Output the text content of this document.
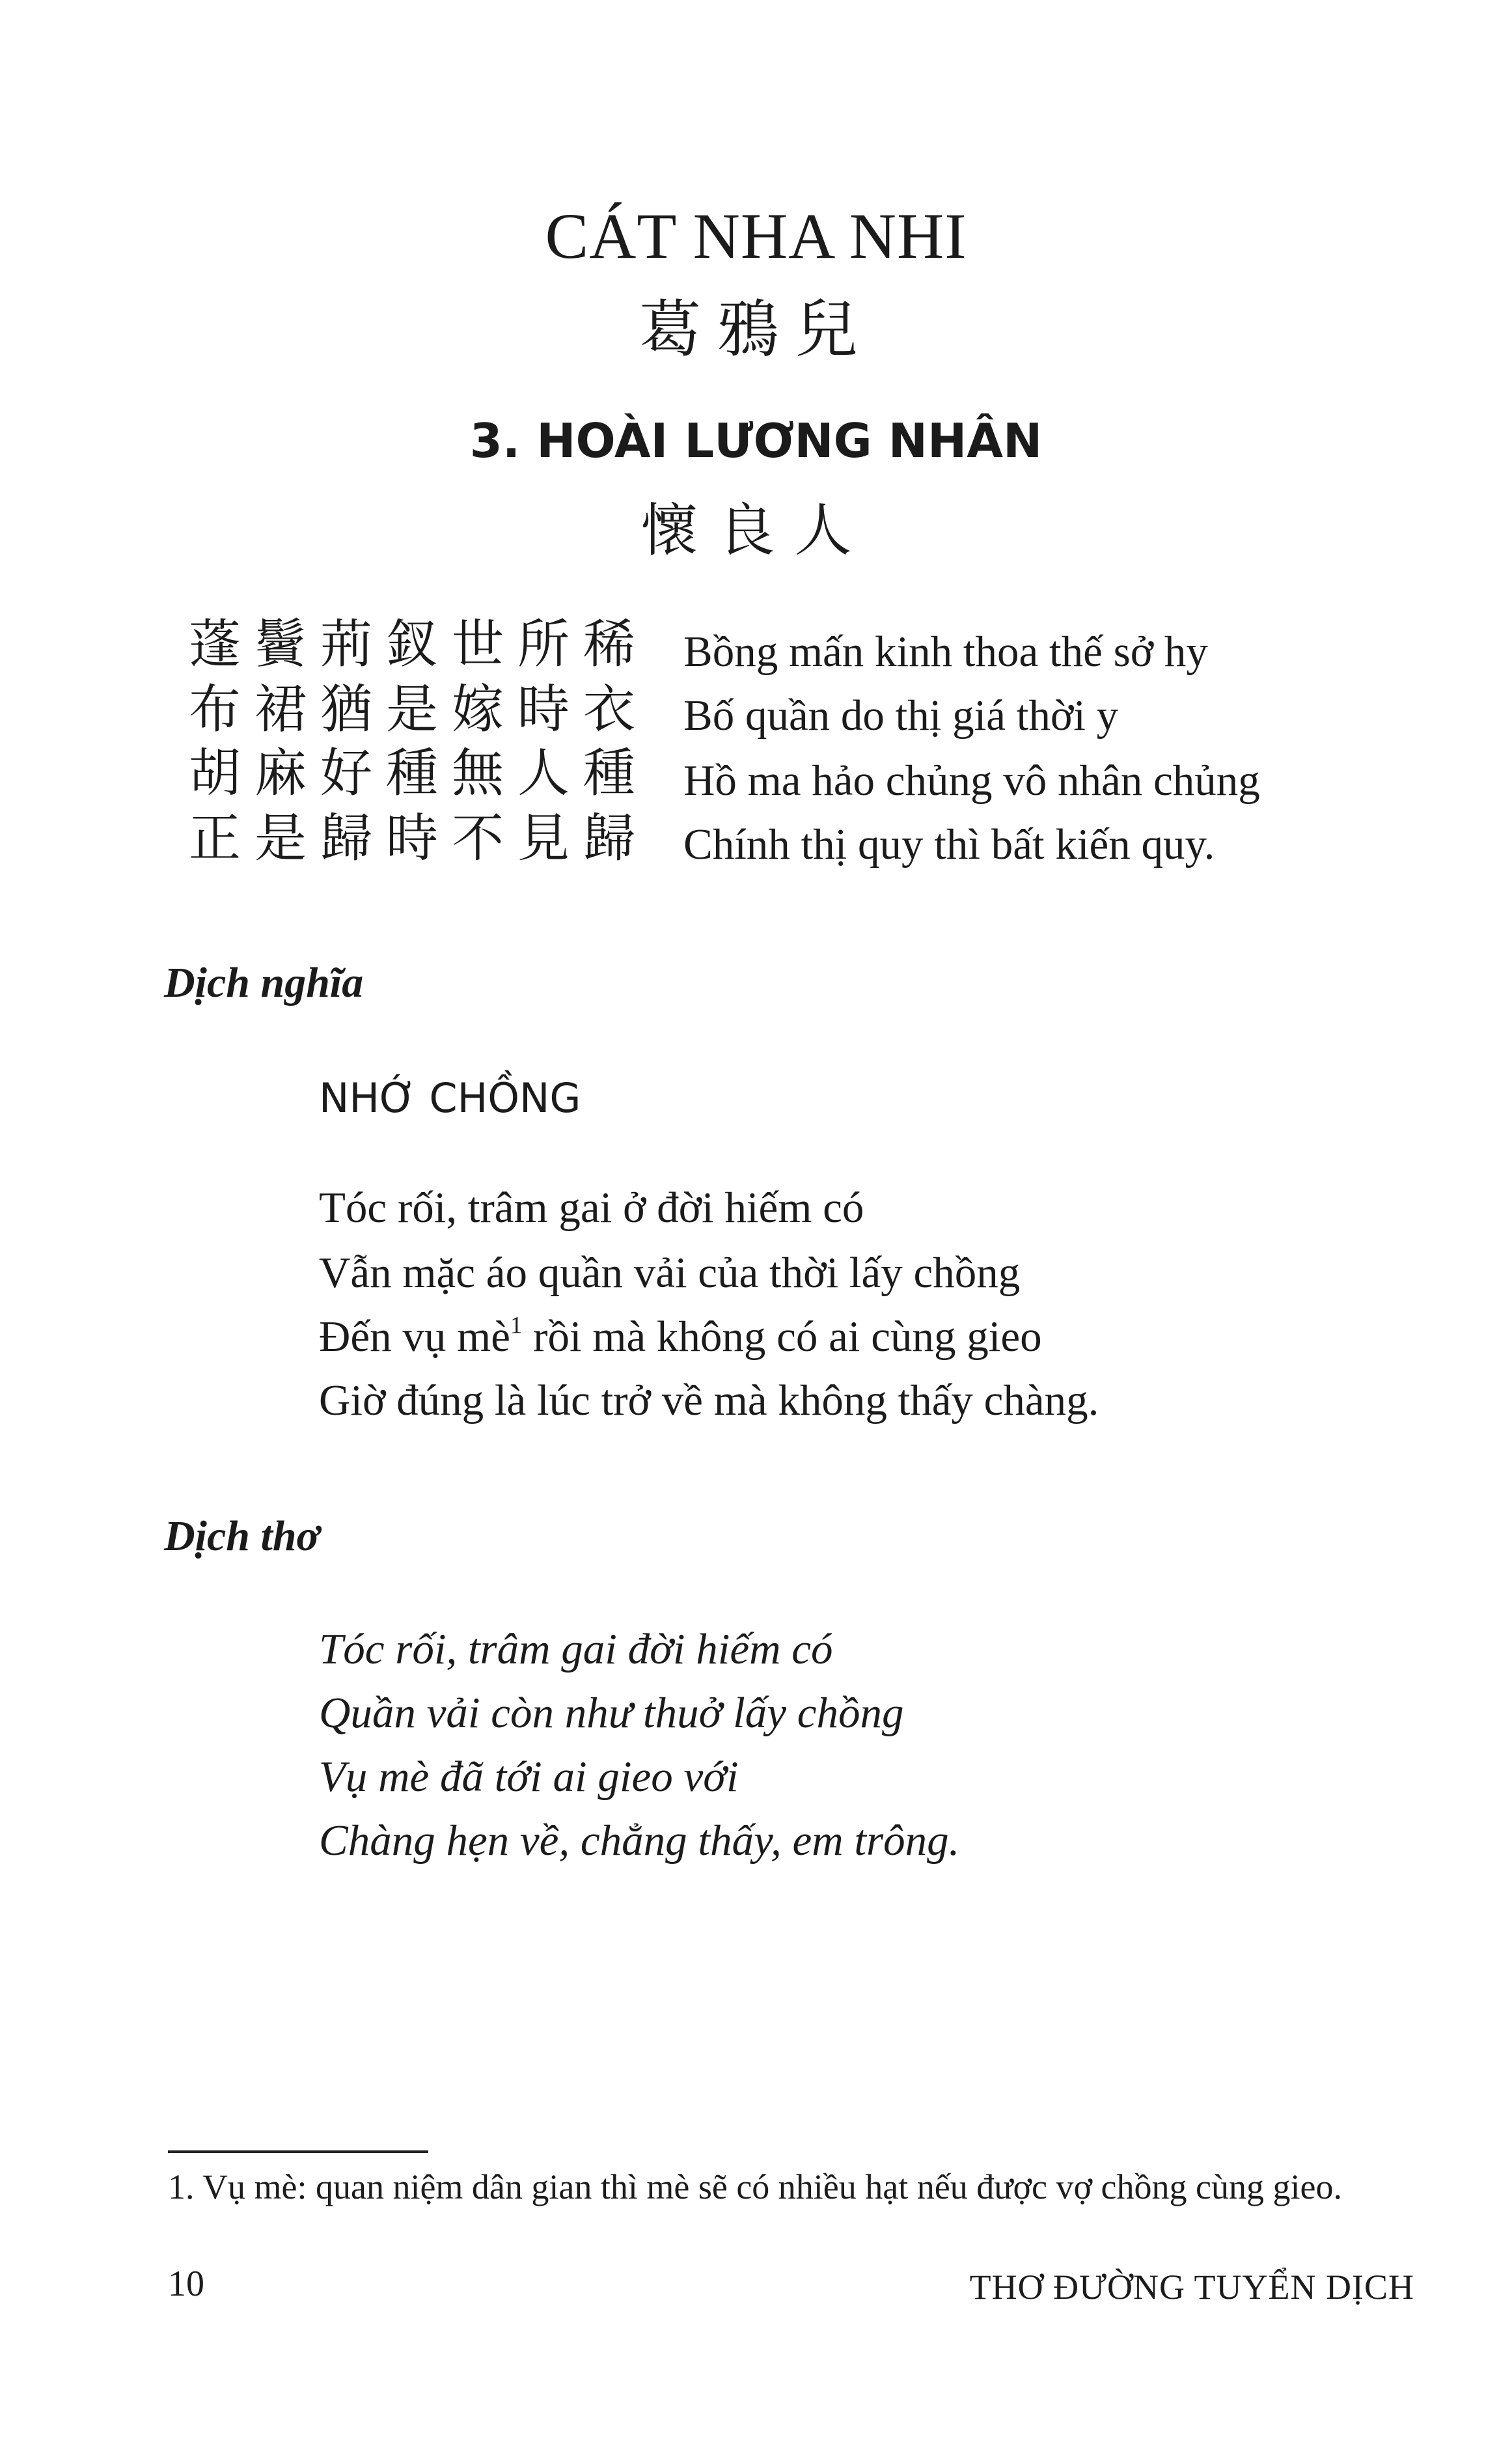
CÁT NHA NHI
葛鴉兒
3. HOÀI LƯƠNG NHÂN
懷良人
蓬鬢荊釵世所稀
布裙猶是嫁時衣
胡麻好種無人種
正是歸時不見歸
Bồng mấn kinh thoa thế sở hy
Bố quần do thị giá thời y
Hồ ma hảo chủng vô nhân chủng
Chính thị quy thì bất kiến quy.
Dịch nghĩa
NHỚ CHỒNG
Tóc rối, trâm gai ở đời hiếm có
Vẫn mặc áo quần vải của thời lấy chồng
Đến vụ $mè^1$ rồi mà không có ai cùng gieo
Giờ đúng là lúc trở về mà không thấy chàng.
Dịch thơ
Tóc rối, trâm gai đời hiếm có
Quần vải còn như thuở lấy chồng
Vụ mè đã tới ai gieo với
Chàng hẹn về, chẳng thấy, em trông.
1. Vụ mè: quan niệm dân gian thì mè sẽ có nhiều hạt nếu được vợ chồng cùng gieo.
10	THƠ ĐƯỜNG TUYỂN DỊCH
